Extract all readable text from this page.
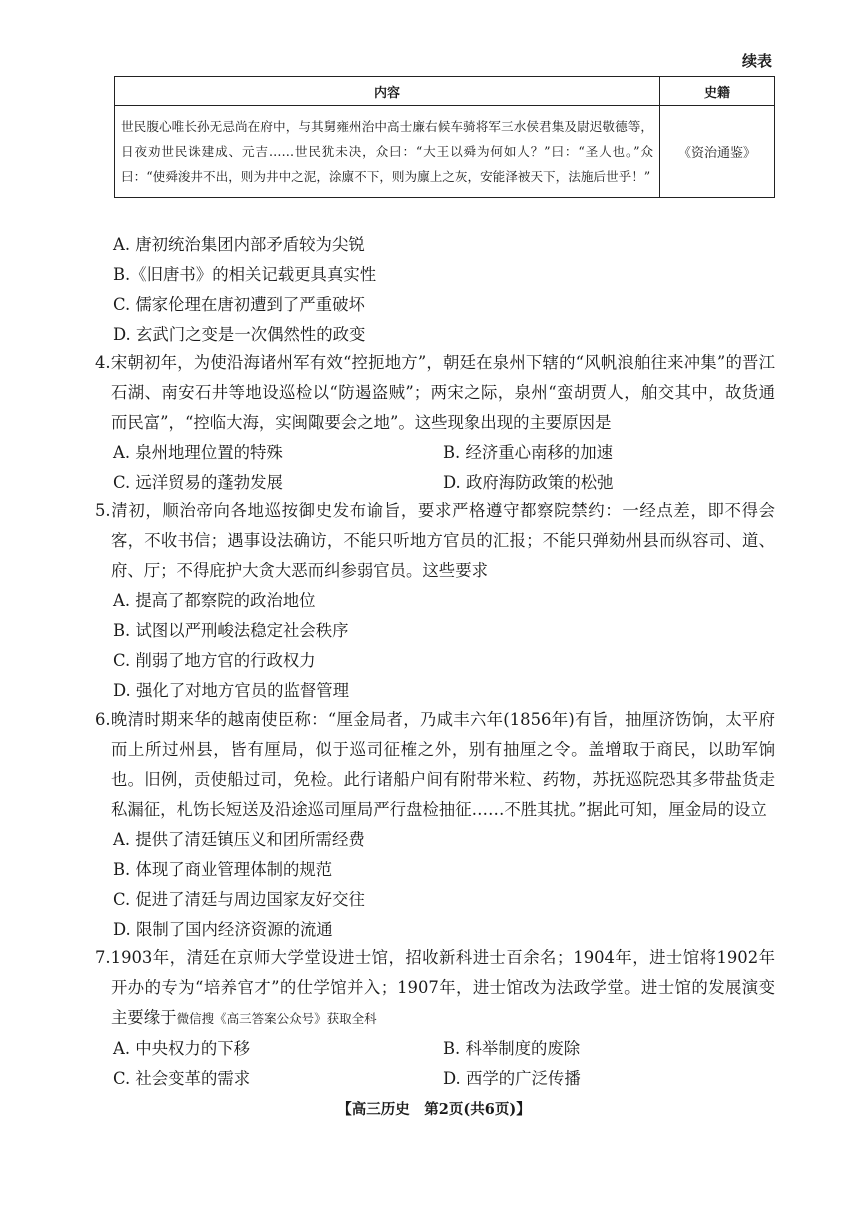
续表
内容	史籍
世民腹心唯长孙无忌尚在府中，与其舅雍州治中高士廉右候车骑将军三水侯君集及尉迟敬德等，日夜劝世民诛建成、元吉……世民犹未决，众曰：“大王以舜为何如人？”曰：“圣人也。”众曰：“使舜浚井不出，则为井中之泥，涂廪不下，则为廪上之灰，安能泽被天下，法施后世乎！”	《资治通鉴》
A. 唐初统治集团内部矛盾较为尖锐
B.《旧唐书》的相关记载更具真实性
C. 儒家伦理在唐初遭到了严重破坏
D. 玄武门之变是一次偶然性的政变
4.宋朝初年，为使沿海诸州军有效“控扼地方”，朝廷在泉州下辖的“风帆浪舶往来冲集”的晋江石湖、南安石井等地设巡检以“防遏盗贼”；两宋之际，泉州“蛮胡贾人，舶交其中，故货通而民富”，“控临大海，实闽陬要会之地”。这些现象出现的主要原因是
A. 泉州地理位置的特殊	B. 经济重心南移的加速
C. 远洋贸易的蓬勃发展	D. 政府海防政策的松弛
5.清初，顺治帝向各地巡按御史发布谕旨，要求严格遵守都察院禁约：一经点差，即不得会客，不收书信；遇事设法确访，不能只听地方官员的汇报；不能只弹劾州县而纵容司、道、府、厅；不得庇护大贪大恶而纠参弱官员。这些要求
A. 提高了都察院的政治地位
B. 试图以严刑峻法稳定社会秩序
C. 削弱了地方官的行政权力
D. 强化了对地方官员的监督管理
6.晚清时期来华的越南使臣称：“厘金局者，乃咸丰六年(1856年)有旨，抽厘济饬饷，太平府而上所过州县，皆有厘局，似于巡司征榷之外，别有抽厘之令。盖增取于商民，以助军饷也。旧例，贡使船过司，免检。此行诸船户间有附带米粒、药物，苏抚巡院恐其多带盐货走私漏征，札饬长短送及沿途巡司厘局严行盘检抽征……不胜其扰。”据此可知，厘金局的设立
A. 提供了清廷镇压义和团所需经费
B. 体现了商业管理体制的规范
C. 促进了清廷与周边国家友好交往
D. 限制了国内经济资源的流通
7.1903年，清廷在京师大学堂设进士馆，招收新科进士百余名；1904年，进士馆将1902年开办的专为“培养官才”的仕学馆并入；1907年，进士馆改为法政学堂。进士馆的发展演变主要缘于微信搜《高三答案公众号》获取全科
A. 中央权力的下移	B. 科举制度的废除
C. 社会变革的需求	D. 西学的广泛传播
【高三历史　第2页(共6页)】
